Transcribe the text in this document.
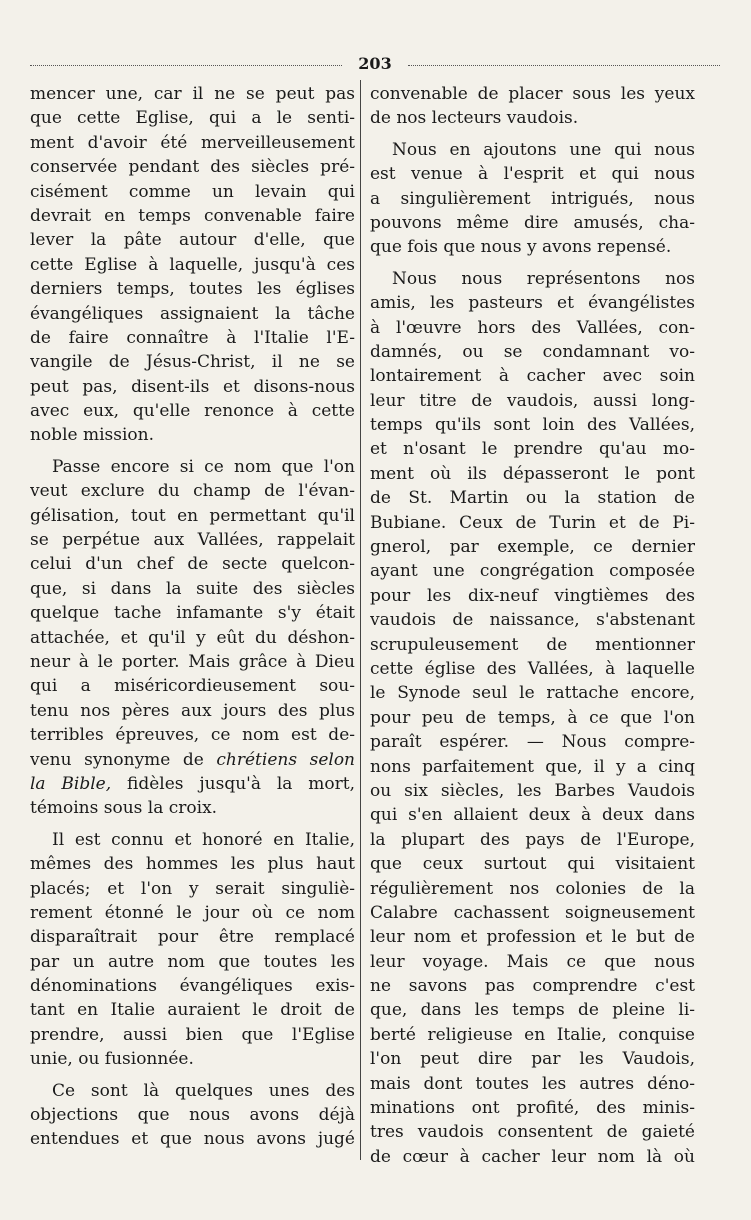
203
mencer une, car il ne se peut pas
que cette Eglise, qui a le senti-
ment d'avoir été merveilleusement
conservée pendant des siècles pré-
cisément comme un levain qui
devrait en temps convenable faire
lever la pâte autour d'elle, que
cette Eglise à laquelle, jusqu'à ces
derniers temps, toutes les églises
évangéliques assignaient la tâche
de faire connaître à l'Italie l'E-
vangile de Jésus-Christ, il ne se
peut pas, disent-ils et disons-nous
avec eux, qu'elle renonce à cette
noble mission.
Passe encore si ce nom que l'on
veut exclure du champ de l'évan-
gélisation, tout en permettant qu'il
se perpétue aux Vallées, rappelait
celui d'un chef de secte quelcon-
que, si dans la suite des siècles
quelque tache infamante s'y était
attachée, et qu'il y eût du déshon-
neur à le porter. Mais grâce à Dieu
qui a miséricordieusement sou-
tenu nos pères aux jours des plus
terribles épreuves, ce nom est de-
venu synonyme de chrétiens selon
la Bible, fidèles jusqu'à la mort,
témoins sous la croix.
Il est connu et honoré en Italie,
mêmes des hommes les plus haut
placés; et l'on y serait singuliè-
rement étonné le jour où ce nom
disparaîtrait pour être remplacé
par un autre nom que toutes les
dénominations évangéliques exis-
tant en Italie auraient le droit de
prendre, aussi bien que l'Eglise
unie, ou fusionnée.
Ce sont là quelques unes des
objections que nous avons déjà
entendues et que nous avons jugé
convenable de placer sous les yeux
de nos lecteurs vaudois.
Nous en ajoutons une qui nous
est venue à l'esprit et qui nous
a singulièrement intrigués, nous
pouvons même dire amusés, cha-
que fois que nous y avons repensé.
Nous nous représentons nos
amis, les pasteurs et évangélistes
à l'œuvre hors des Vallées, con-
damnés, ou se condamnant vo-
lontairement à cacher avec soin
leur titre de vaudois, aussi long-
temps qu'ils sont loin des Vallées,
et n'osant le prendre qu'au mo-
ment où ils dépasseront le pont
de St. Martin ou la station de
Bubiane. Ceux de Turin et de Pi-
gnerol, par exemple, ce dernier
ayant une congrégation composée
pour les dix-neuf vingtièmes des
vaudois de naissance, s'abstenant
scrupuleusement de mentionner
cette église des Vallées, à laquelle
le Synode seul le rattache encore,
pour peu de temps, à ce que l'on
paraît espérer. — Nous compre-
nons parfaitement que, il y a cinq
ou six siècles, les Barbes Vaudois
qui s'en allaient deux à deux dans
la plupart des pays de l'Europe,
que ceux surtout qui visitaient
régulièrement nos colonies de la
Calabre cachassent soigneusement
leur nom et profession et le but de
leur voyage. Mais ce que nous
ne savons pas comprendre c'est
que, dans les temps de pleine li-
berté religieuse en Italie, conquise
l'on peut dire par les Vaudois,
mais dont toutes les autres déno-
minations ont profité, des minis-
tres vaudois consentent de gaieté
de cœur à cacher leur nom là où
